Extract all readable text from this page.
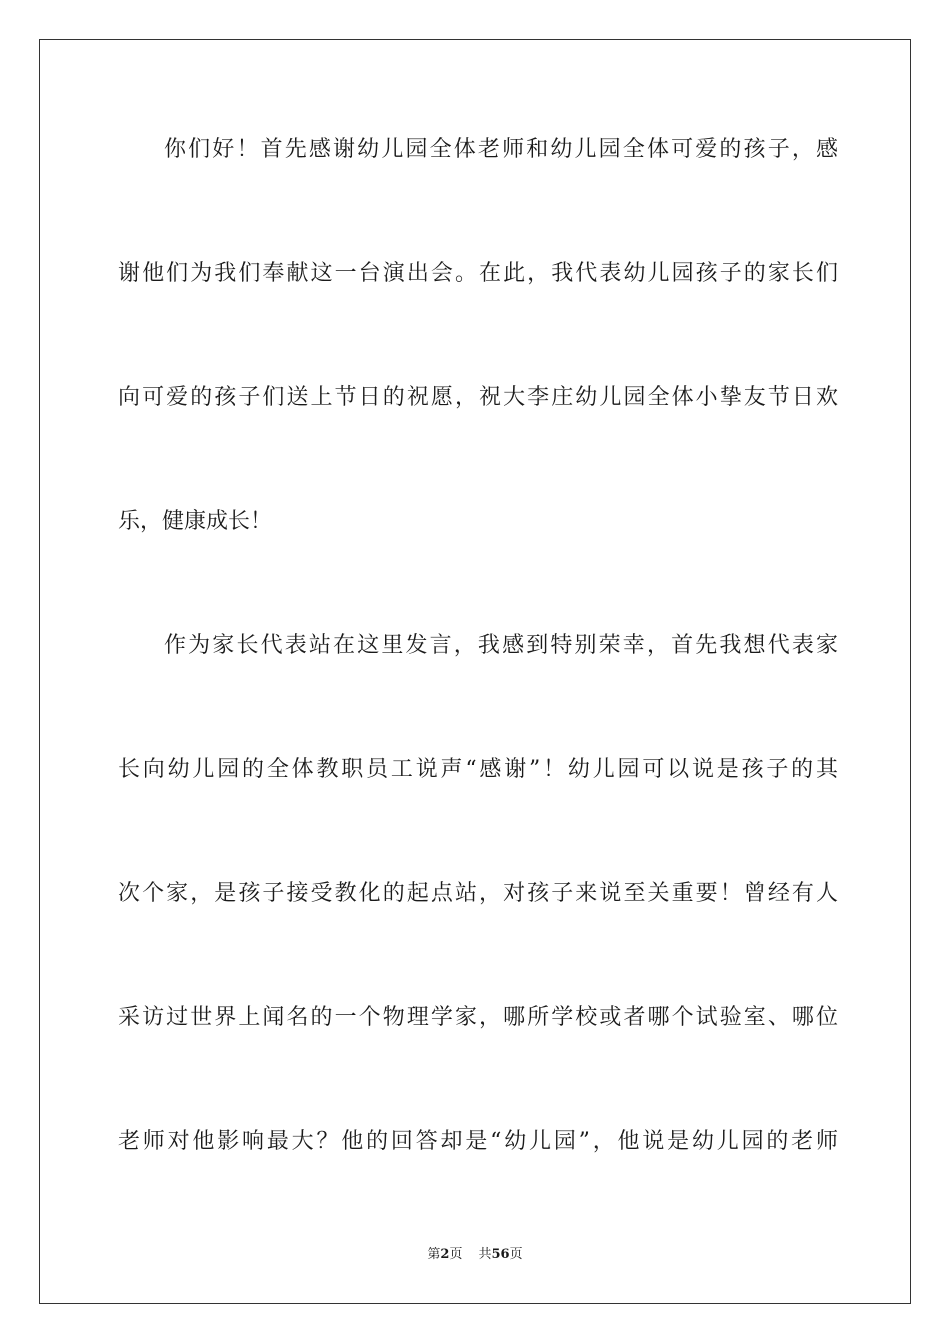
你们好！首先感谢幼儿园全体老师和幼儿园全体可爱的孩子，感
谢他们为我们奉献这一台演出会。在此，我代表幼儿园孩子的家长们
向可爱的孩子们送上节日的祝愿，祝大李庄幼儿园全体小挚友节日欢
乐，健康成长！
作为家长代表站在这里发言，我感到特别荣幸，首先我想代表家
长向幼儿园的全体教职员工说声“感谢”！幼儿园可以说是孩子的其
次个家，是孩子接受教化的起点站，对孩子来说至关重要！曾经有人
采访过世界上闻名的一个物理学家，哪所学校或者哪个试验室、哪位
老师对他影响最大？他的回答却是“幼儿园”，他说是幼儿园的老师
第2页 共56页
